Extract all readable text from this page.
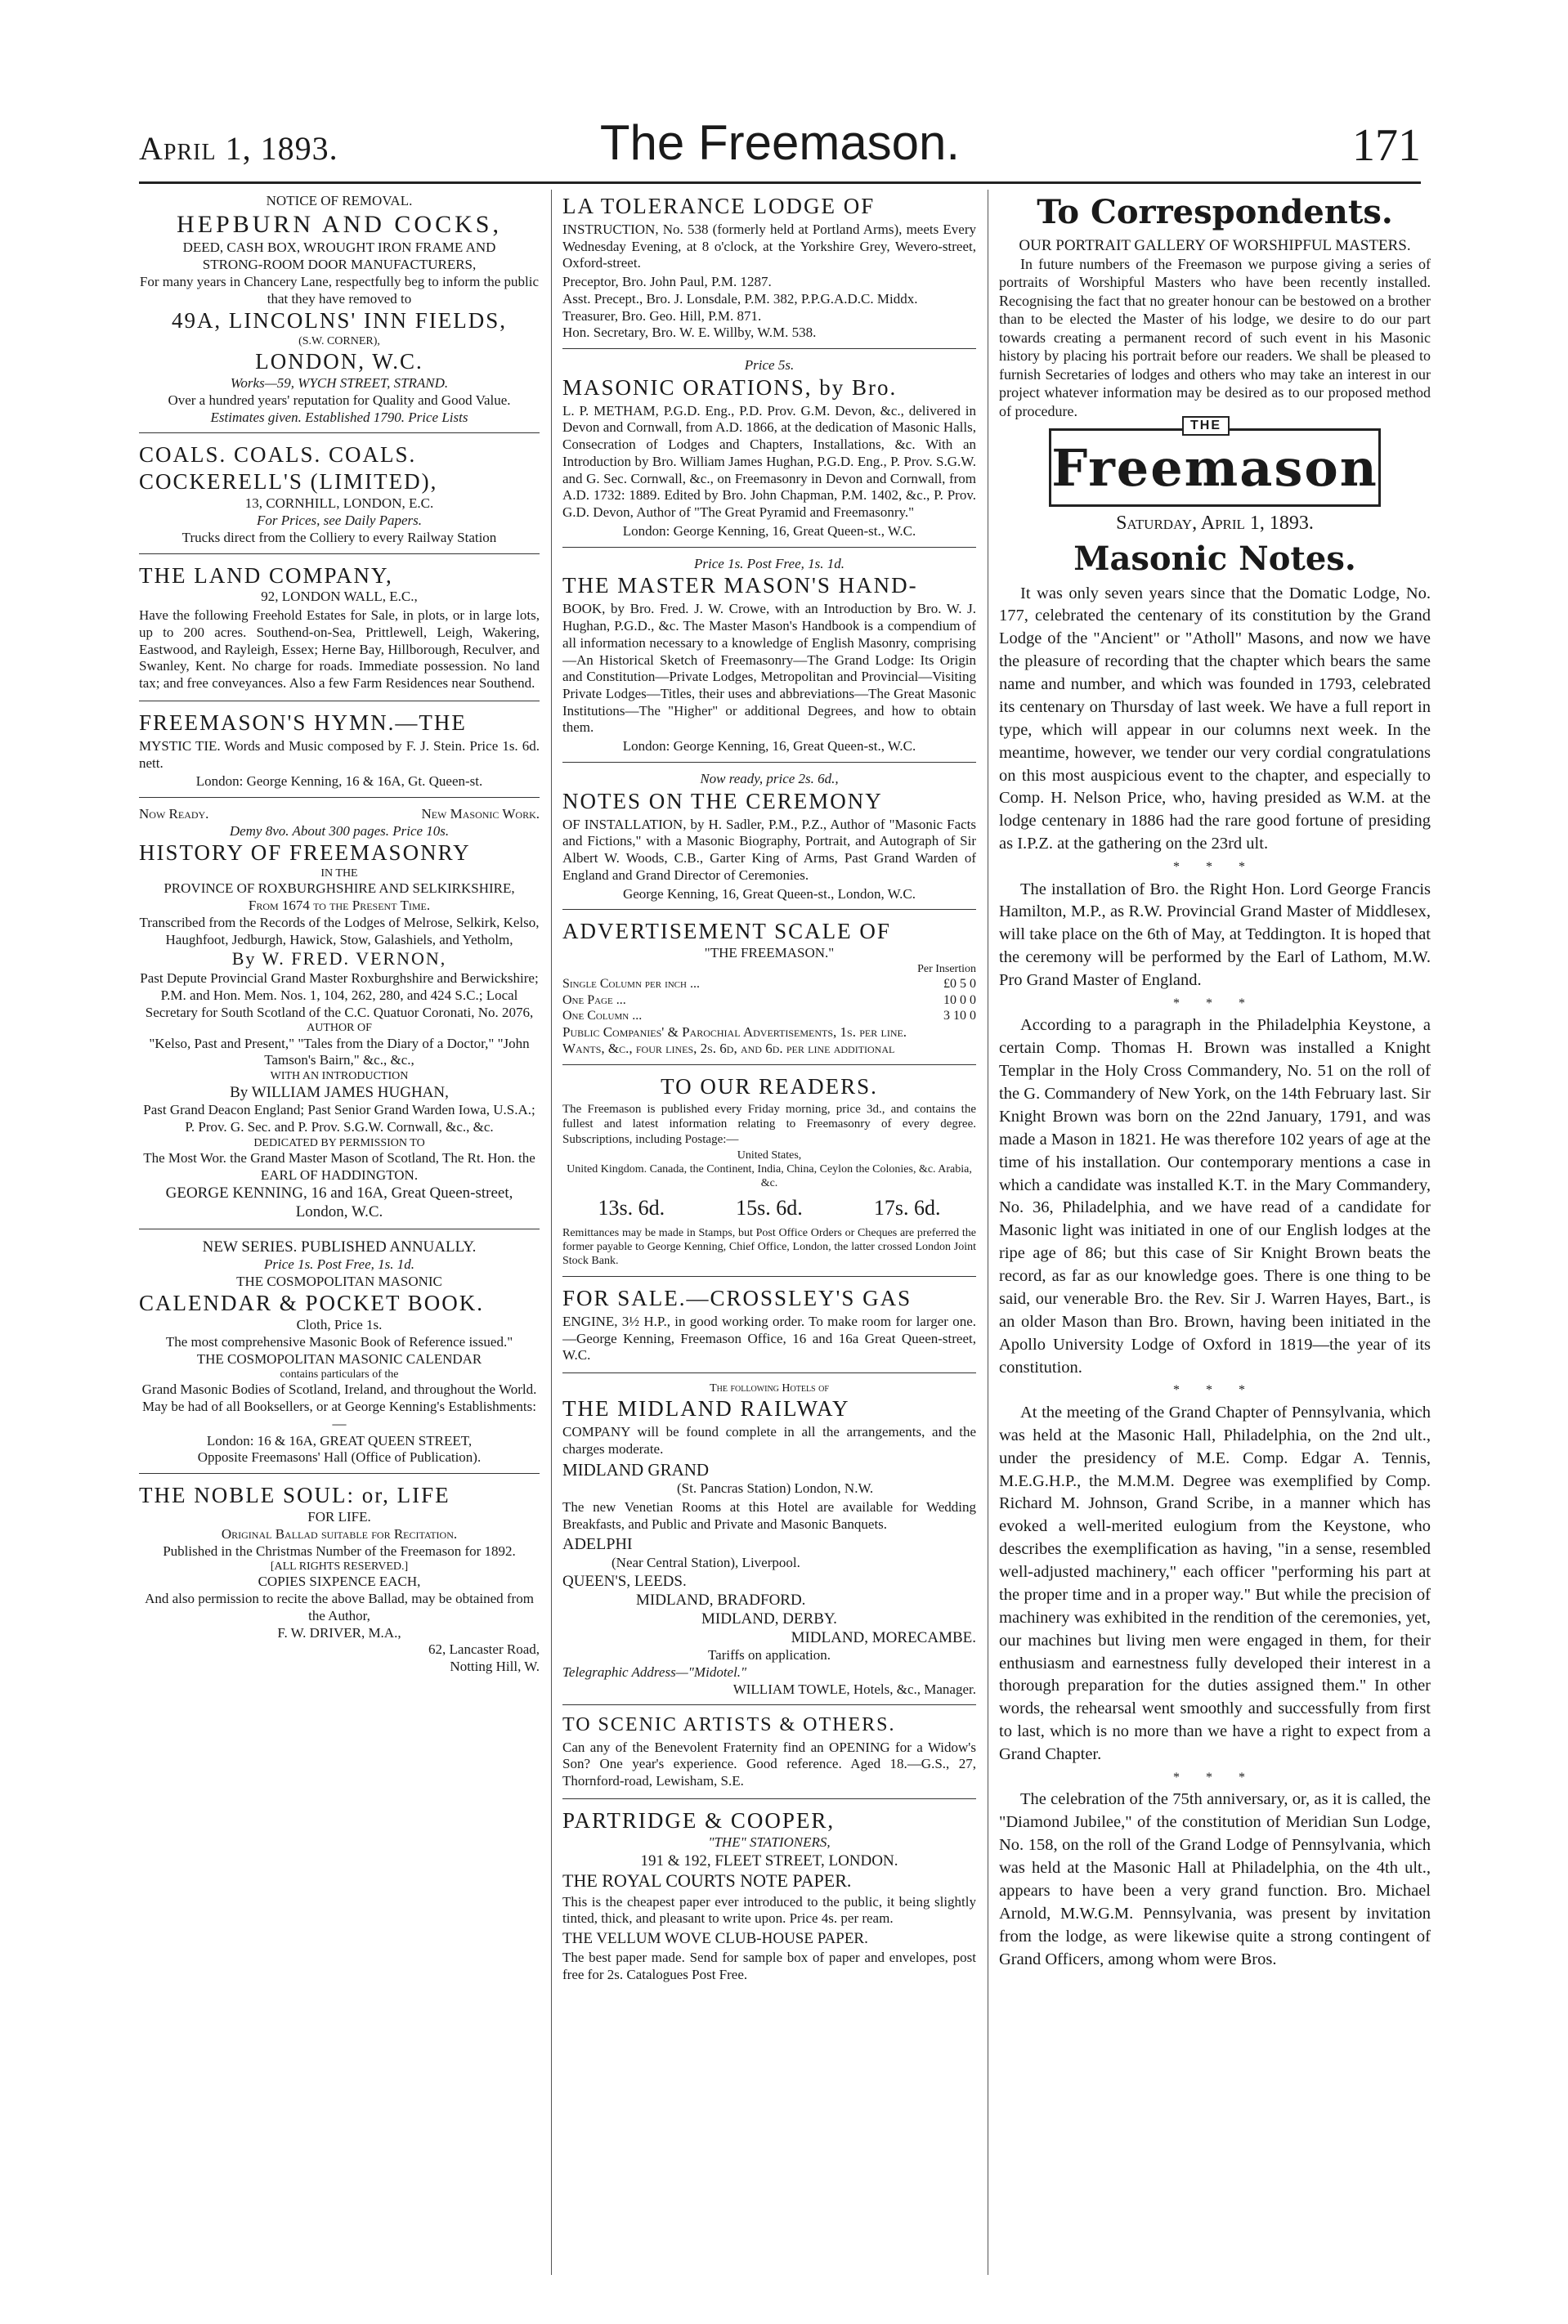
April 1, 1893.	The Freemason.	171
NOTICE OF REMOVAL.
HEPBURN AND COCKS,
DEED, CASH BOX, WROUGHT IRON FRAME AND
STRONG-ROOM DOOR MANUFACTURERS,
For many years in Chancery Lane, respectfully beg to inform the public that they have removed to
49A, LINCOLNS' INN FIELDS,
(S.W. CORNER),
LONDON, W.C.
Works—59, WYCH STREET, STRAND.
Over a hundred years' reputation for Quality and Good Value.
Estimates given. Established 1790. Price Lists
COALS. COALS. COALS.
COCKERELL'S (LIMITED),
13, CORNHILL, LONDON, E.C.
For Prices, see Daily Papers.
Trucks direct from the Colliery to every Railway Station
THE LAND COMPANY,
92, LONDON WALL, E.C.,
Have the following Freehold Estates for Sale, in plots, or in large lots, up to 200 acres. Southend-on-Sea, Prittlewell, Leigh, Wakering, Eastwood, and Rayleigh, Essex; Herne Bay, Hillborough, Reculver, and Swanley, Kent. No charge for roads. Immediate possession. No land tax; and free conveyances. Also a few Farm Residences near Southend.
FREEMASON'S HYMN.—THE
MYSTIC TIE. Words and Music composed by F. J. Stein. Price 1s. 6d. nett.
London: George Kenning, 16 & 16A, Gt. Queen-st.
Now Ready.	New Masonic Work.
Demy 8vo. About 300 pages. Price 10s.
HISTORY OF FREEMASONRY
IN THE
PROVINCE OF ROXBURGHSHIRE AND SELKIRKSHIRE,
From 1674 to the Present Time.
Transcribed from the Records of the Lodges of Melrose, Selkirk, Kelso, Haughfoot, Jedburgh, Hawick, Stow, Galashiels, and Yetholm,
By W. FRED. VERNON,
Past Depute Provincial Grand Master Roxburghshire and Berwickshire; P.M. and Hon. Mem. Nos. 1, 104, 262, 280, and 424 S.C.; Local Secretary for South Scotland of the C.C. Quatuor Coronati, No. 2076,
AUTHOR OF
"Kelso, Past and Present," "Tales from the Diary of a Doctor," "John Tamson's Bairn," &c., &c.,
WITH AN INTRODUCTION
By WILLIAM JAMES HUGHAN,
Past Grand Deacon England; Past Senior Grand Warden Iowa, U.S.A.; P. Prov. G. Sec. and P. Prov. S.G.W. Cornwall, &c., &c.
DEDICATED BY PERMISSION TO
The Most Wor. the Grand Master Mason of Scotland, The Rt. Hon. the EARL OF HADDINGTON.
GEORGE KENNING, 16 and 16A, Great Queen-street, London, W.C.
NEW SERIES. PUBLISHED ANNUALLY.
Price 1s. Post Free, 1s. 1d.
THE COSMOPOLITAN MASONIC
CALENDAR & POCKET BOOK.
Cloth, Price 1s.
The most comprehensive Masonic Book of Reference issued."
THE COSMOPOLITAN MASONIC CALENDAR
contains particulars of the
Grand Masonic Bodies of Scotland, Ireland, and throughout the World.
May be had of all Booksellers, or at George Kenning's Establishments:—
London: 16 & 16A, GREAT QUEEN STREET,
Opposite Freemasons' Hall (Office of Publication).
THE NOBLE SOUL: or, LIFE
FOR LIFE.
Original Ballad suitable for Recitation.
Published in the Christmas Number of the Freemason for 1892.
[ALL RIGHTS RESERVED.]
COPIES SIXPENCE EACH,
And also permission to recite the above Ballad, may be obtained from the Author,
F. W. DRIVER, M.A.,
62, Lancaster Road,
Notting Hill, W.
LA TOLERANCE LODGE OF
INSTRUCTION, No. 538 (formerly held at Portland Arms), meets Every Wednesday Evening, at 8 o'clock, at the Yorkshire Grey, Wevero-street, Oxford-street.
Preceptor, Bro. John Paul, P.M. 1287.
Asst. Precept., Bro. J. Lonsdale, P.M. 382, P.P.G.A.D.C. Middx.
Treasurer, Bro. Geo. Hill, P.M. 871.
Hon. Secretary, Bro. W. E. Willby, W.M. 538.
Price 5s.
MASONIC ORATIONS, by Bro.
L. P. METHAM, P.G.D. Eng., P.D. Prov. G.M. Devon, &c., delivered in Devon and Cornwall, from A.D. 1866, at the dedication of Masonic Halls, Consecration of Lodges and Chapters, Installations, &c. With an Introduction by Bro. William James Hughan, P.G.D. Eng., P. Prov. S.G.W. and G. Sec. Cornwall, &c., on Freemasonry in Devon and Cornwall, from A.D. 1732: 1889. Edited by Bro. John Chapman, P.M. 1402, &c., P. Prov. G.D. Devon, Author of "The Great Pyramid and Freemasonry."
London: George Kenning, 16, Great Queen-st., W.C.
Price 1s. Post Free, 1s. 1d.
THE MASTER MASON'S HAND-
BOOK, by Bro. Fred. J. W. Crowe, with an Introduction by Bro. W. J. Hughan, P.G.D., &c. The Master Mason's Handbook is a compendium of all information necessary to a knowledge of English Masonry, comprising—An Historical Sketch of Freemasonry—The Grand Lodge: Its Origin and Constitution—Private Lodges, Metropolitan and Provincial—Visiting Private Lodges—Titles, their uses and abbreviations—The Great Masonic Institutions—The "Higher" or additional Degrees, and how to obtain them.
London: George Kenning, 16, Great Queen-st., W.C.
Now ready, price 2s. 6d.,
NOTES ON THE CEREMONY
OF INSTALLATION, by H. Sadler, P.M., P.Z., Author of "Masonic Facts and Fictions," with a Masonic Biography, Portrait, and Autograph of Sir Albert W. Woods, C.B., Garter King of Arms, Past Grand Warden of England and Grand Director of Ceremonies.
George Kenning, 16, Great Queen-st., London, W.C.
ADVERTISEMENT SCALE OF
"THE FREEMASON."
Per Insertion
Single Column per inch ...	£0 5 0
One Page ...	10 0 0
One Column ...	3 10 0
Public Companies' & Parochial Advertisements, 1s. per line.
Wants, &c., four lines, 2s. 6d, and 6d. per line additional
TO OUR READERS.
The Freemason is published every Friday morning, price 3d., and contains the fullest and latest information relating to Freemasonry of every degree. Subscriptions, including Postage:—
United States,
United Kingdom. Canada, the Continent, India, China, Ceylon the Colonies, &c. Arabia, &c.
13s. 6d.	15s. 6d.	17s. 6d.
Remittances may be made in Stamps, but Post Office Orders or Cheques are preferred the former payable to George Kenning, Chief Office, London, the latter crossed London Joint Stock Bank.
FOR SALE.—CROSSLEY'S GAS
ENGINE, 3½ H.P., in good working order. To make room for larger one.—George Kenning, Freemason Office, 16 and 16a Great Queen-street, W.C.
The following Hotels of
THE MIDLAND RAILWAY
COMPANY will be found complete in all the arrangements, and the charges moderate.
MIDLAND GRAND
(St. Pancras Station) London, N.W.
The new Venetian Rooms at this Hotel are available for Wedding Breakfasts, and Public and Private and Masonic Banquets.
ADELPHI
(Near Central Station), Liverpool.
QUEEN'S, LEEDS.
MIDLAND, BRADFORD.
MIDLAND, DERBY.
MIDLAND, MORECAMBE.
Tariffs on application.
Telegraphic Address—"Midotel."
WILLIAM TOWLE, Hotels, &c., Manager.
TO SCENIC ARTISTS & OTHERS.
Can any of the Benevolent Fraternity find an OPENING for a Widow's Son? One year's experience. Good reference. Aged 18.—G.S., 27, Thornford-road, Lewisham, S.E.
PARTRIDGE & COOPER,
"THE" STATIONERS,
191 & 192, FLEET STREET, LONDON.
THE ROYAL COURTS NOTE PAPER.
This is the cheapest paper ever introduced to the public, it being slightly tinted, thick, and pleasant to write upon. Price 4s. per ream.
THE VELLUM WOVE CLUB-HOUSE PAPER.
The best paper made. Send for sample box of paper and envelopes, post free for 2s. Catalogues Post Free.
To Correspondents.
OUR PORTRAIT GALLERY OF WORSHIPFUL MASTERS.
In future numbers of the Freemason we purpose giving a series of portraits of Worshipful Masters who have been recently installed. Recognising the fact that no greater honour can be bestowed on a brother than to be elected the Master of his lodge, we desire to do our part towards creating a permanent record of such event in his Masonic history by placing his portrait before our readers. We shall be pleased to furnish Secretaries of lodges and others who may take an interest in our project whatever information may be desired as to our proposed method of procedure.
THE
Freemason
Saturday, April 1, 1893.
Masonic Notes.
It was only seven years since that the Domatic Lodge, No. 177, celebrated the centenary of its constitution by the Grand Lodge of the "Ancient" or "Atholl" Masons, and now we have the pleasure of recording that the chapter which bears the same name and number, and which was founded in 1793, celebrated its centenary on Thursday of last week. We have a full report in type, which will appear in our columns next week. In the meantime, however, we tender our very cordial congratulations on this most auspicious event to the chapter, and especially to Comp. H. Nelson Price, who, having presided as W.M. at the lodge centenary in 1886 had the rare good fortune of presiding as I.P.Z. at the gathering on the 23rd ult.
* * *
The installation of Bro. the Right Hon. Lord George Francis Hamilton, M.P., as R.W. Provincial Grand Master of Middlesex, will take place on the 6th of May, at Teddington. It is hoped that the ceremony will be performed by the Earl of Lathom, M.W. Pro Grand Master of England.
* * *
According to a paragraph in the Philadelphia Keystone, a certain Comp. Thomas H. Brown was installed a Knight Templar in the Holy Cross Commandery, No. 51 on the roll of the G. Commandery of New York, on the 14th February last. Sir Knight Brown was born on the 22nd January, 1791, and was made a Mason in 1821. He was therefore 102 years of age at the time of his installation. Our contemporary mentions a case in which a candidate was installed K.T. in the Mary Commandery, No. 36, Philadelphia, and we have read of a candidate for Masonic light was initiated in one of our English lodges at the ripe age of 86; but this case of Sir Knight Brown beats the record, as far as our knowledge goes. There is one thing to be said, our venerable Bro. the Rev. Sir J. Warren Hayes, Bart., is an older Mason than Bro. Brown, having been initiated in the Apollo University Lodge of Oxford in 1819—the year of its constitution.
* * *
At the meeting of the Grand Chapter of Pennsylvania, which was held at the Masonic Hall, Philadelphia, on the 2nd ult., under the presidency of M.E. Comp. Edgar A. Tennis, M.E.G.H.P., the M.M.M. Degree was exemplified by Comp. Richard M. Johnson, Grand Scribe, in a manner which has evoked a well-merited eulogium from the Keystone, who describes the exemplification as having, "in a sense, resembled well-adjusted machinery," each officer "performing his part at the proper time and in a proper way." But while the precision of machinery was exhibited in the rendition of the ceremonies, yet, our machines but living men were engaged in them, for their enthusiasm and earnestness fully developed their interest in a thorough preparation for the duties assigned them." In other words, the rehearsal went smoothly and successfully from first to last, which is no more than we have a right to expect from a Grand Chapter.
* * *
The celebration of the 75th anniversary, or, as it is called, the "Diamond Jubilee," of the constitution of Meridian Sun Lodge, No. 158, on the roll of the Grand Lodge of Pennsylvania, which was held at the Masonic Hall at Philadelphia, on the 4th ult., appears to have been a very grand function. Bro. Michael Arnold, M.W.G.M. Pennsylvania, was present by invitation from the lodge, as were likewise quite a strong contingent of Grand Officers, among whom were Bros.
